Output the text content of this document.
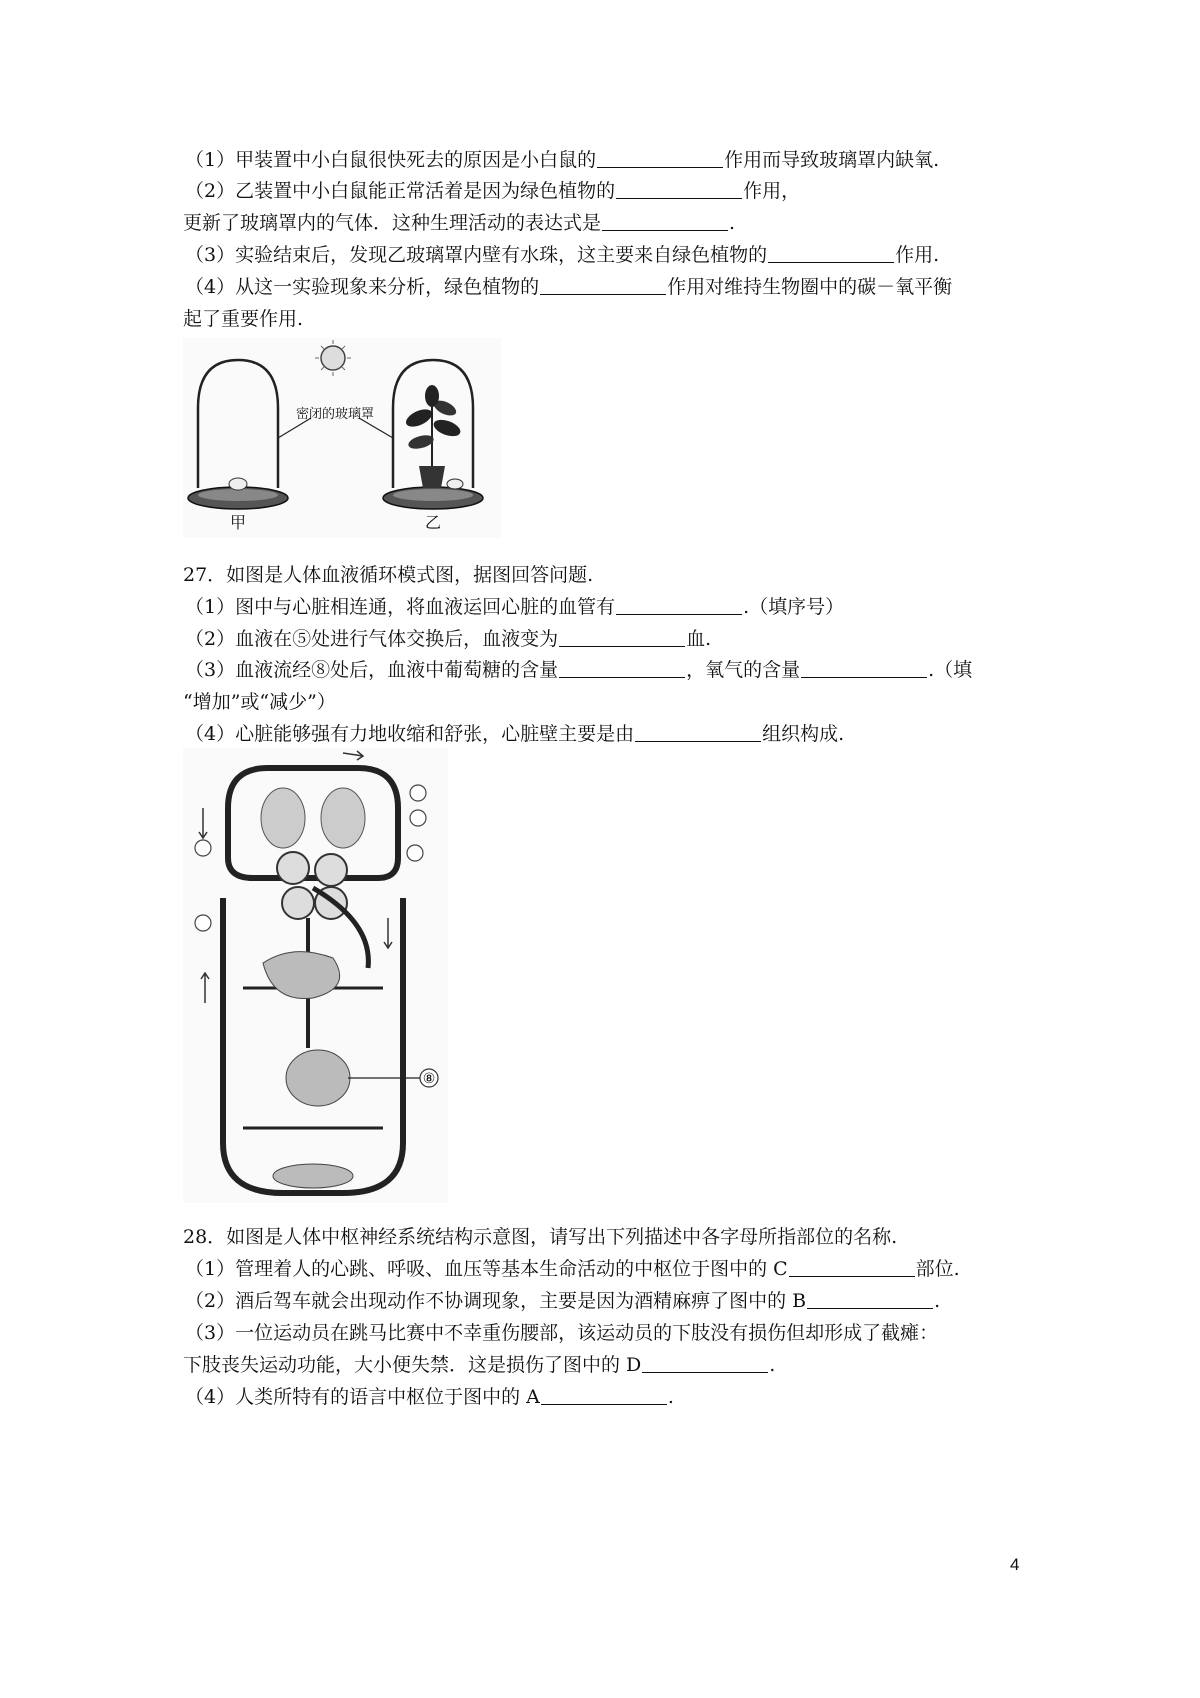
（1）甲装置中小白鼠很快死去的原因是小白鼠的	作用而导致玻璃罩内缺氧.
（2）乙装置中小白鼠能正常活着是因为绿色植物的	作用，
更新了玻璃罩内的气体．这种生理活动的表达式是	.
（3）实验结束后，发现乙玻璃罩内壁有水珠，这主要来自绿色植物的	作用.
（4）从这一实验现象来分析，绿色植物的	作用对维持生物圈中的碳－氧平衡
起了重要作用.
密闭的玻璃罩
甲	乙
27．如图是人体血液循环模式图，据图回答问题.
（1）图中与心脏相连通，将血液运回心脏的血管有	.（填序号）
（2）血液在⑤处进行气体交换后，血液变为	血.
（3）血液流经⑧处后，血液中葡萄糖的含量	，氧气的含量	.（填
“增加”或“减少”）
（4）心脏能够强有力地收缩和舒张，心脏壁主要是由	组织构成.
⑧
28．如图是人体中枢神经系统结构示意图，请写出下列描述中各字母所指部位的名称.
（1）管理着人的心跳、呼吸、血压等基本生命活动的中枢位于图中的 C	部位.
（2）酒后驾车就会出现动作不协调现象，主要是因为酒精麻痹了图中的 B	.
（3）一位运动员在跳马比赛中不幸重伤腰部，该运动员的下肢没有损伤但却形成了截瘫：
下肢丧失运动功能，大小便失禁．这是损伤了图中的 D	.
（4）人类所特有的语言中枢位于图中的 A	.
4
